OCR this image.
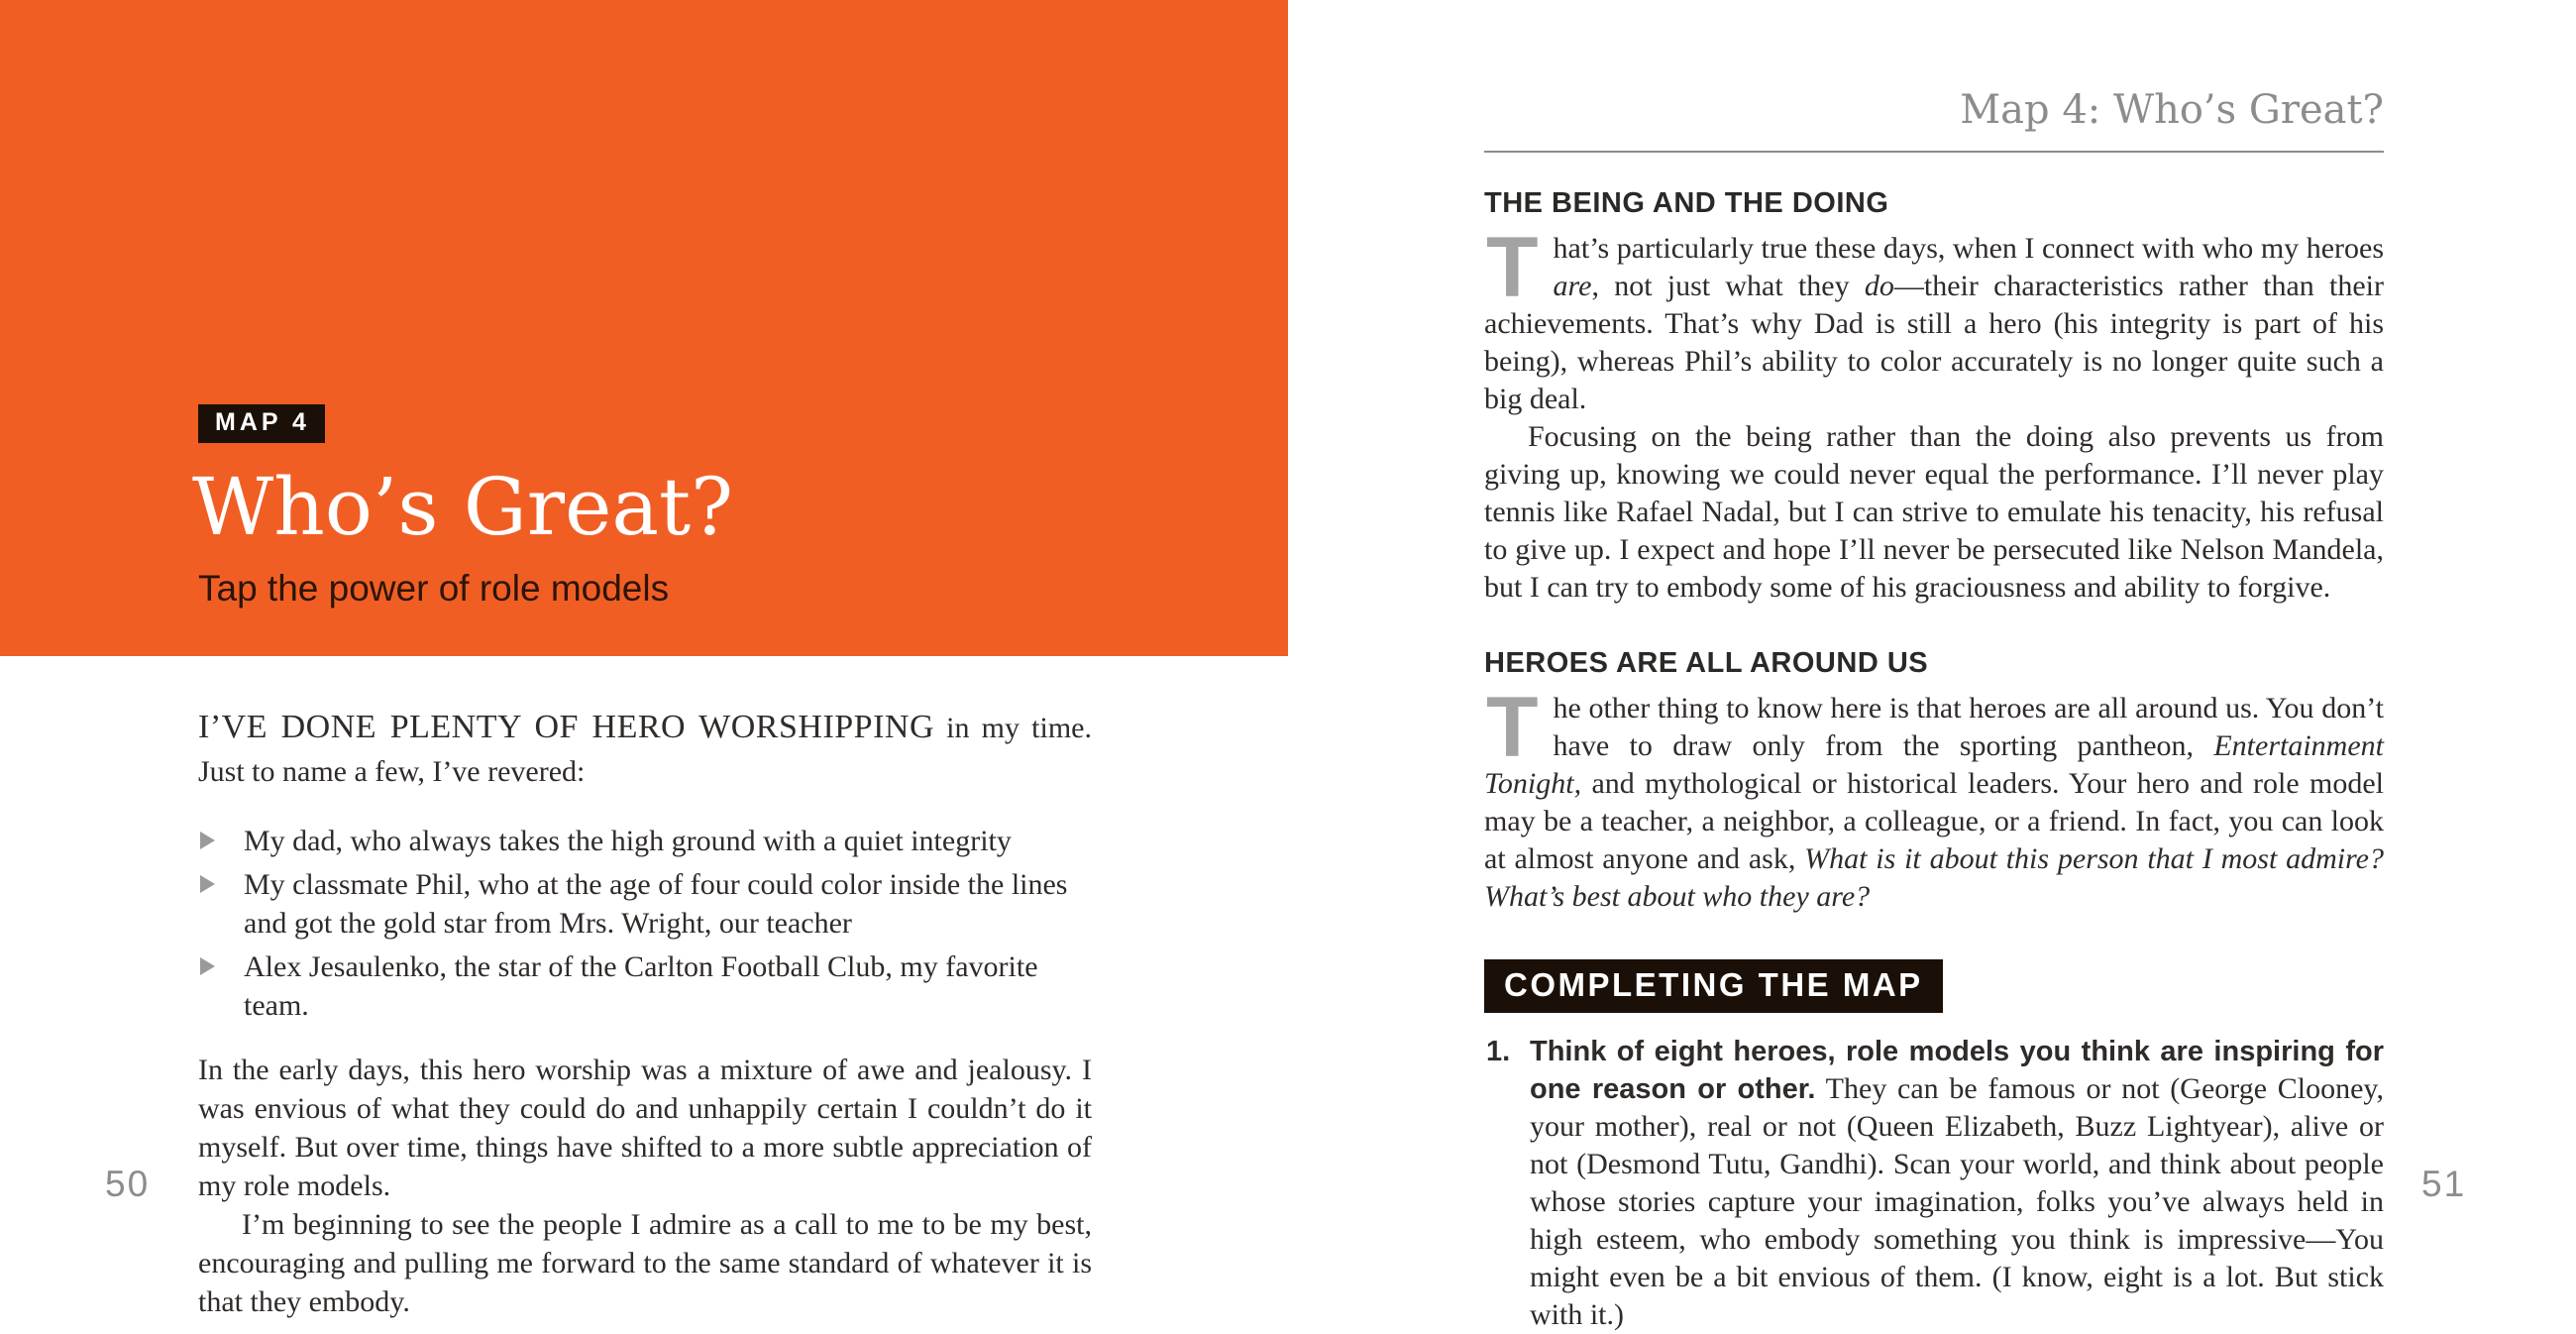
MAP 4
Who’s Great?

Tap the power of role models

I’VE DONE PLENTY OF HERO WORSHIPPING in my time. Just to name a few, I’ve revered:

My dad, who always takes the high ground with a quiet integrity
My classmate Phil, who at the age of four could color inside the lines and got the gold star from Mrs. Wright, our teacher
Alex Jesaulenko, the star of the Carlton Football Club, my favorite team.

In the early days, this hero worship was a mixture of awe and jealousy. I was envious of what they could do and unhappily certain I couldn’t do it myself. But over time, things have shifted to a more subtle appreciation of my role models.

I’m beginning to see the people I admire as a call to me to be my best, encouraging and pulling me forward to the same standard of whatever it is that they embody.

50

Map 4: Who’s Great?

THE BEING AND THE DOING

That’s particularly true these days, when I connect with who my heroes are, not just what they do—their characteristics rather than their achievements. That’s why Dad is still a hero (his integrity is part of his being), whereas Phil’s ability to color accurately is no longer quite such a big deal.

Focusing on the being rather than the doing also prevents us from giving up, knowing we could never equal the performance. I’ll never play tennis like Rafael Nadal, but I can strive to emulate his tenacity, his refusal to give up. I expect and hope I’ll never be persecuted like Nelson Mandela, but I can try to embody some of his graciousness and ability to forgive.

HEROES ARE ALL AROUND US

The other thing to know here is that heroes are all around us. You don’t have to draw only from the sporting pantheon, Entertainment Tonight, and mythological or historical leaders. Your hero and role model may be a teacher, a neighbor, a colleague, or a friend. In fact, you can look at almost anyone and ask, What is it about this person that I most admire? What’s best about who they are?

COMPLETING THE MAP
1. Think of eight heroes, role models you think are inspiring for one reason or other. They can be famous or not (George Clooney, your mother), real or not (Queen Elizabeth, Buzz Lightyear), alive or not (Desmond Tutu, Gandhi). Scan your world, and think about people whose stories capture your imagination, folks you’ve always held in high esteem, who embody something you think is impressive—You might even be a bit envious of them. (I know, eight is a lot. But stick with it.)

51
